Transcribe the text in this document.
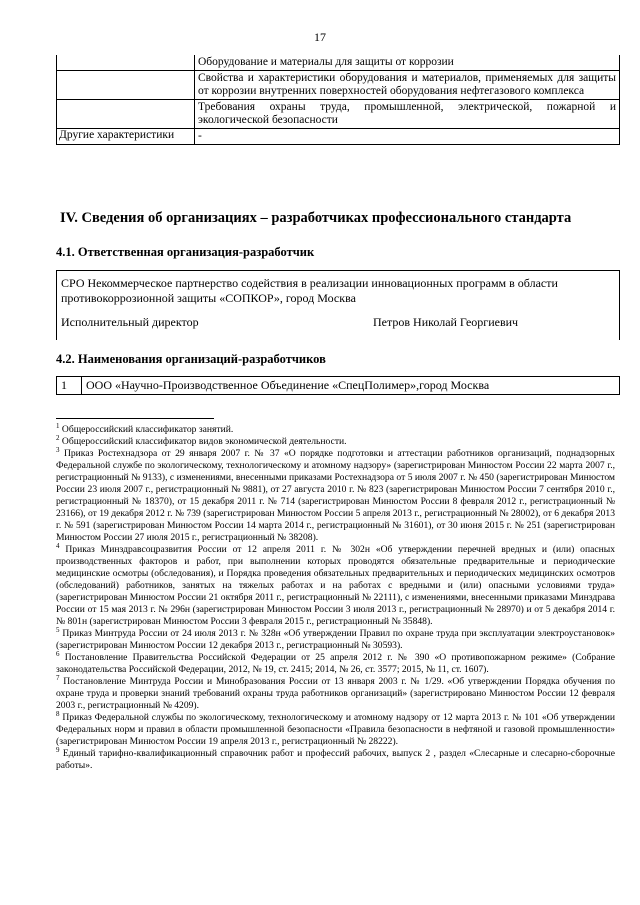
17
	Оборудование и материалы для защиты от коррозии
	Свойства и характеристики оборудования и материалов, применяемых для защиты от коррозии внутренних поверхностей оборудования нефтегазового комплекса
	Требования охраны труда, промышленной, электрической, пожарной и экологической безопасности
Другие характеристики	-
IV. Сведения об организациях – разработчиках профессионального стандарта
4.1. Ответственная организация-разработчик
СРО Некоммерческое партнерство содействия в реализации инновационных программ в области противокоррозионной защиты «СОПКОР», город Москва
Исполнительный директор	Петров Николай Георгиевич
4.2. Наименования организаций-разработчиков
1	ООО «Научно-Производственное Объединение «СпецПолимер»,город Москва

$^1$ Общероссийский классификатор занятий.

$^2$ Общероссийский классификатор видов экономической деятельности.

$^3$ Приказ Ростехнадзора от 29 января 2007 г. № 37 «О порядке подготовки и аттестации работников организаций, поднадзорных Федеральной службе по экологическому, технологическому и атомному надзору» (зарегистрирован Минюстом России 22 марта 2007 г., регистрационный № 9133), с изменениями, внесенными приказами Ростехнадзора от 5 июля 2007 г. № 450 (зарегистрирован Минюстом России 23 июля 2007 г., регистрационный № 9881), от 27 августа 2010 г. № 823 (зарегистрирован Минюстом России 7 сентября 2010 г., регистрационный № 18370), от 15 декабря 2011 г. № 714 (зарегистрирован Минюстом России 8 февраля 2012 г., регистрационный № 23166), от 19 декабря 2012 г. № 739 (зарегистрирован Минюстом России 5 апреля 2013 г., регистрационный № 28002), от 6 декабря 2013 г. № 591 (зарегистрирован Минюстом России 14 марта 2014 г., регистрационный № 31601), от 30 июня 2015 г. № 251 (зарегистрирован Минюстом России 27 июля 2015 г., регистрационный № 38208).

$^4$ Приказ Минздравсоцразвития России от 12 апреля 2011 г. № 302н «Об утверждении перечней вредных и (или) опасных производственных факторов и работ, при выполнении которых проводятся обязательные предварительные и периодические медицинские осмотры (обследования), и Порядка проведения обязательных предварительных и периодических медицинских осмотров (обследований) работников, занятых на тяжелых работах и на работах с вредными и (или) опасными условиями труда» (зарегистрирован Минюстом России 21 октября 2011 г., регистрационный № 22111), с изменениями, внесенными приказами Минздрава России от 15 мая 2013 г. № 296н (зарегистрирован Минюстом России 3 июля 2013 г., регистрационный № 28970) и от 5 декабря 2014 г. № 801н (зарегистрирован Минюстом России 3 февраля 2015 г., регистрационный № 35848).

$^5$ Приказ Минтруда России от 24 июля 2013 г. № 328н «Об утверждении Правил по охране труда при эксплуатации электроустановок» (зарегистрирован Минюстом России 12 декабря 2013 г., регистрационный № 30593).

$^6$ Постановление Правительства Российской Федерации от 25 апреля 2012 г. № 390 «О противопожарном режиме» (Собрание законодательства Российской Федерации, 2012, № 19, ст. 2415; 2014, № 26, ст. 3577; 2015, № 11, ст. 1607).

$^7$ Постановление Минтруда России и Минобразования России от 13 января 2003 г. № 1/29. «Об утверждении Порядка обучения по охране труда и проверки знаний требований охраны труда работников организаций» (зарегистрировано Минюстом России 12 февраля 2003 г., регистрационный № 4209).

$^8$ Приказ Федеральной службы по экологическому, технологическому и атомному надзору от 12 марта 2013 г. № 101 «Об утверждении Федеральных норм и правил в области промышленной безопасности «Правила безопасности в нефтяной и газовой промышленности» (зарегистрирован Минюстом России 19 апреля 2013 г., регистрационный № 28222).

$^9$ Единый тарифно-квалификационный справочник работ и профессий рабочих, выпуск 2 , раздел «Слесарные и слесарно-сборочные работы».
